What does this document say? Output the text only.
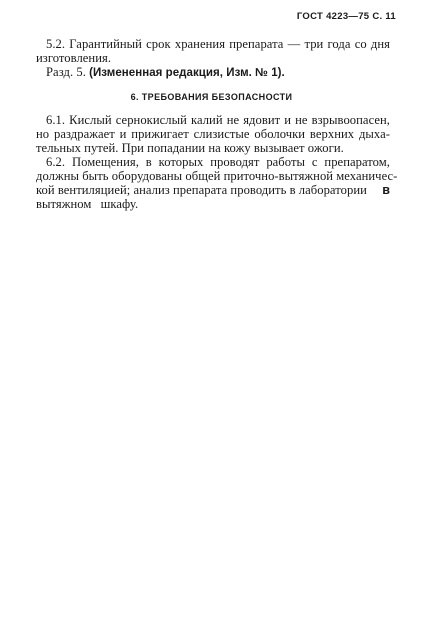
ГОСТ 4223—75 С. 11
5.2. Гарантийный срок хранения препарата — три года со дня
изготовления.
Разд. 5. (Измененная редакция, Изм. № 1).
6. ТРЕБОВАНИЯ БЕЗОПАСНОСТИ
6.1. Кислый сернокислый калий не ядовит и не взрывоопасен,
но раздражает и прижигает слизистые оболочки верхних дыха-
тельных путей. При попадании на кожу вызывает ожоги.
6.2. Помещения, в которых проводят работы с препаратом,
должны быть оборудованы общей приточно-вытяжной механичес-
кой вентиляцией; анализ препарата проводить в лаборатории в
вытяжном шкафу.
